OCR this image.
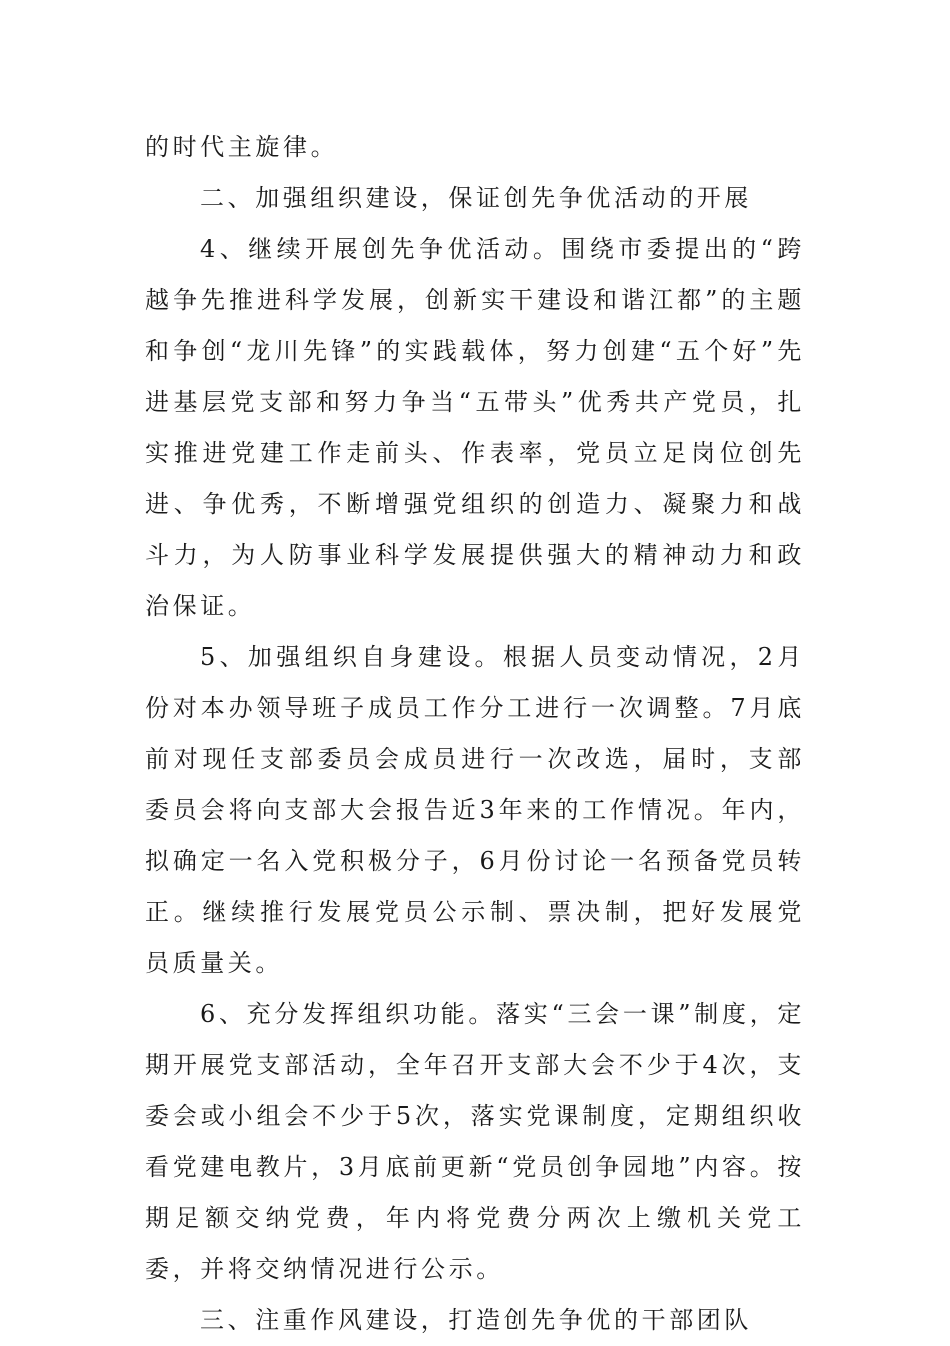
的时代主旋律。

二、加强组织建设，保证创先争优活动的开展

4、继续开展创先争优活动。围绕市委提出的“跨越争先推进科学发展，创新实干建设和谐江都”的主题和争创“龙川先锋”的实践载体，努力创建“五个好”先进基层党支部和努力争当“五带头”优秀共产党员，扎实推进党建工作走前头、作表率，党员立足岗位创先进、争优秀，不断增强党组织的创造力、凝聚力和战斗力，为人防事业科学发展提供强大的精神动力和政治保证。

5、加强组织自身建设。根据人员变动情况，2月份对本办领导班子成员工作分工进行一次调整。7月底前对现任支部委员会成员进行一次改选，届时，支部委员会将向支部大会报告近3年来的工作情况。年内，拟确定一名入党积极分子，6月份讨论一名预备党员转正。继续推行发展党员公示制、票决制，把好发展党员质量关。

6、充分发挥组织功能。落实“三会一课”制度，定期开展党支部活动，全年召开支部大会不少于4次，支委会或小组会不少于5次，落实党课制度，定期组织收看党建电教片，3月底前更新“党员创争园地”内容。按期足额交纳党费，年内将党费分两次上缴机关党工委，并将交纳情况进行公示。

三、注重作风建设，打造创先争优的干部团队
